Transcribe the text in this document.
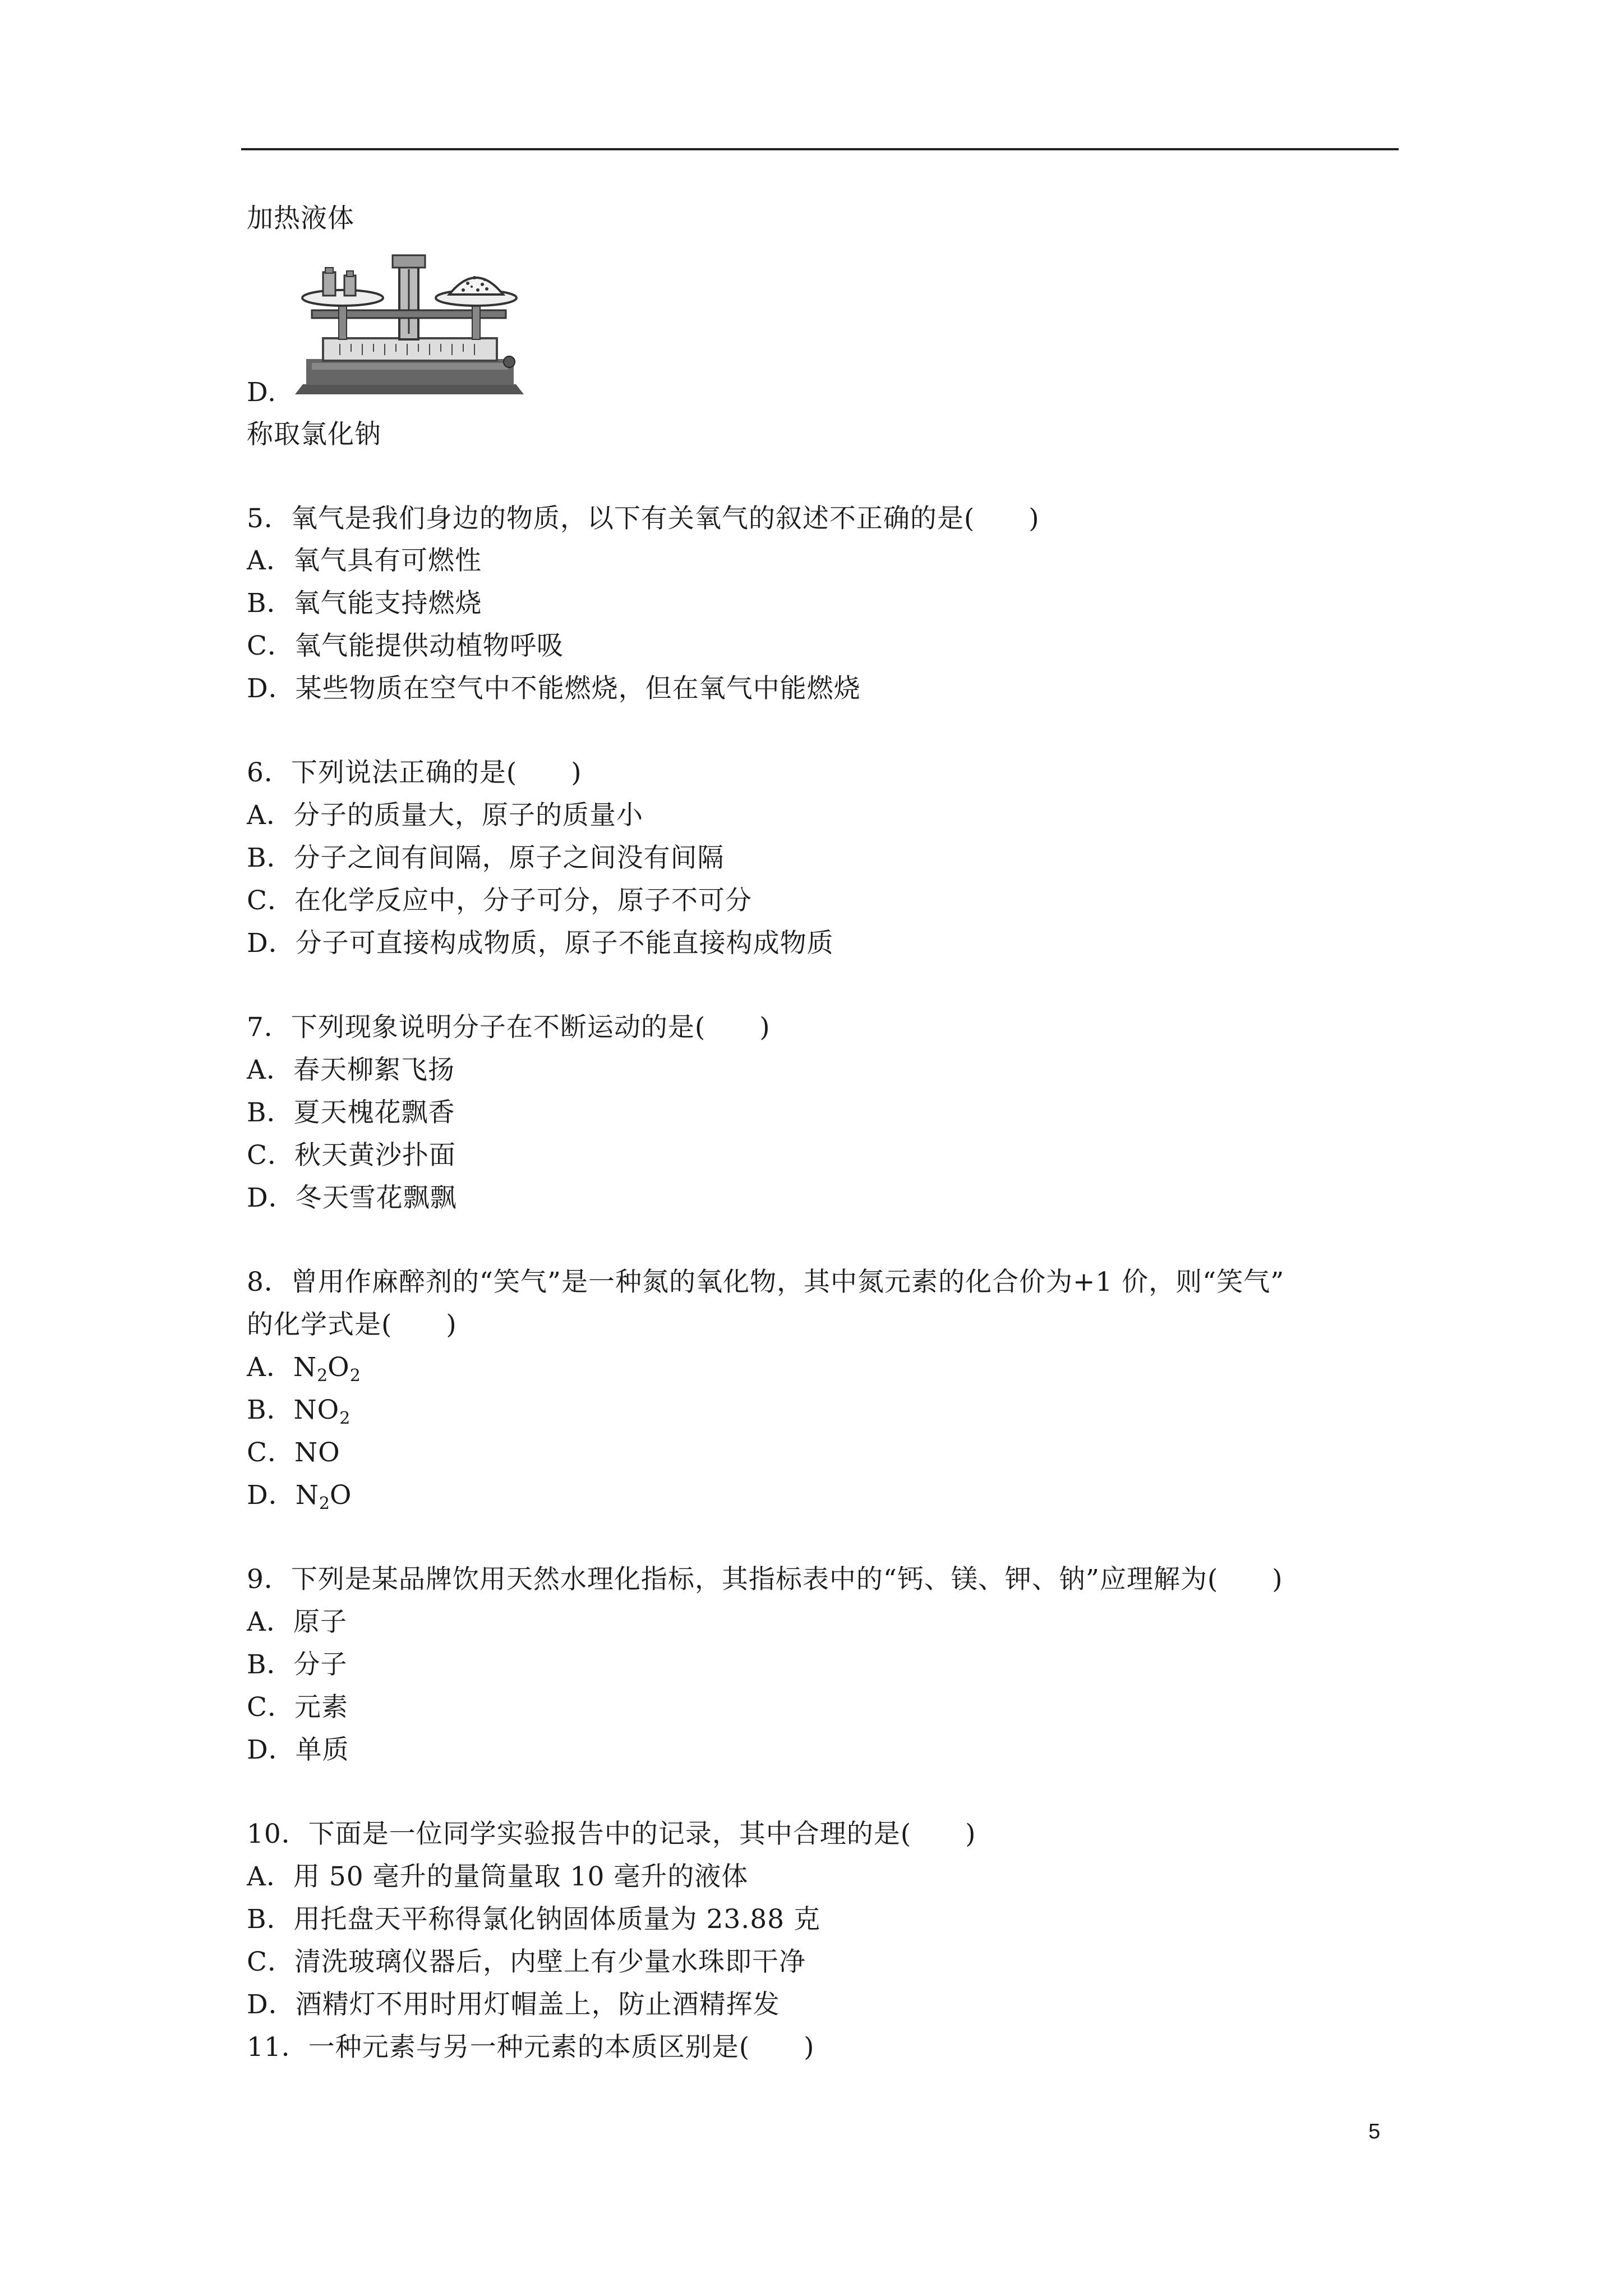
加热液体
D.
称取氯化钠
5．氧气是我们身边的物质，以下有关氧气的叙述不正确的是(　　)
A．氧气具有可燃性
B．氧气能支持燃烧
C．氧气能提供动植物呼吸
D．某些物质在空气中不能燃烧，但在氧气中能燃烧
6．下列说法正确的是(　　)
A．分子的质量大，原子的质量小
B．分子之间有间隔，原子之间没有间隔
C．在化学反应中，分子可分，原子不可分
D．分子可直接构成物质，原子不能直接构成物质
7．下列现象说明分子在不断运动的是(　　)
A．春天柳絮飞扬
B．夏天槐花飘香
C．秋天黄沙扑面
D．冬天雪花飘飘
8．曾用作麻醉剂的“笑气”是一种氮的氧化物，其中氮元素的化合价为+1 价，则“笑气”
的化学式是(　　)
A．$N_2O_2$
B．$NO_2$
C．NO
D．$N_2O$
9．下列是某品牌饮用天然水理化指标，其指标表中的“钙、镁、钾、钠”应理解为(　　)
A．原子
B．分子
C．元素
D．单质
10．下面是一位同学实验报告中的记录，其中合理的是(　　)
A．用 50 毫升的量筒量取 10 毫升的液体
B．用托盘天平称得氯化钠固体质量为 23.88 克
C．清洗玻璃仪器后，内壁上有少量水珠即干净
D．酒精灯不用时用灯帽盖上，防止酒精挥发
11．一种元素与另一种元素的本质区别是(　　)
5
